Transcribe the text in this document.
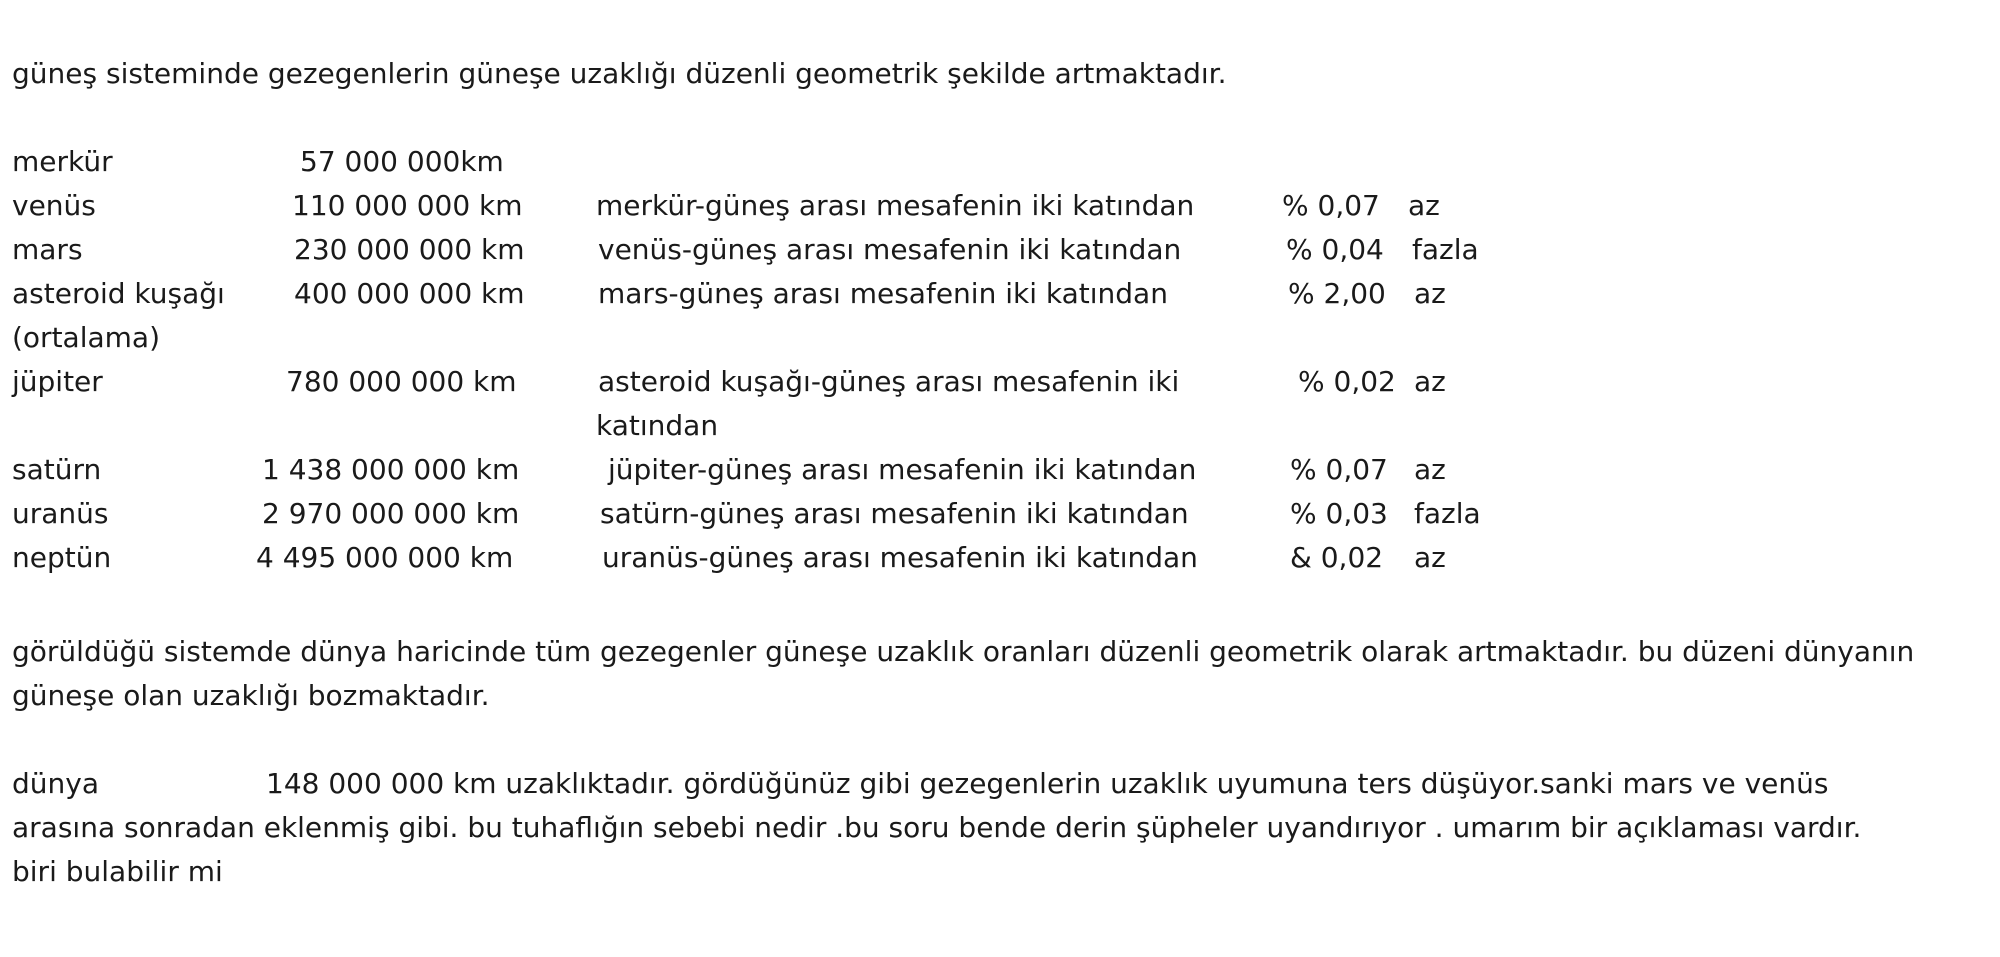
güneş sisteminde gezegenlerin güneşe uzaklığı düzenli geometrik şekilde artmaktadır.
merkür	57 000 000km
venüs	110 000 000 km	merkür-güneş arası mesafenin iki katından	% 0,07 az
mars	230 000 000 km	venüs-güneş arası mesafenin iki katından	% 0,04 fazla
asteroid kuşağı 400 000 000 km	mars-güneş arası mesafenin iki katından	% 2,00 az
(ortalama)
jüpiter	780 000 000 km	asteroid kuşağı-güneş arası mesafenin iki	% 0,02 az
katından
satürn	1 438 000 000 km	jüpiter-güneş arası mesafenin iki katından	% 0,07 az
uranüs	2 970 000 000 km	satürn-güneş arası mesafenin iki katından	% 0,03 fazla
neptün	4 495 000 000 km	uranüs-güneş arası mesafenin iki katından	& 0,02 az
görüldüğü sistemde dünya haricinde tüm gezegenler güneşe uzaklık oranları düzenli geometrik olarak artmaktadır. bu düzeni dünyanın
güneşe olan uzaklığı bozmaktadır.
dünya	148 000 000 km uzaklıktadır. gördüğünüz gibi gezegenlerin uzaklık uyumuna ters düşüyor.sanki mars ve venüs
arasına sonradan eklenmiş gibi. bu tuhaflığın sebebi nedir .bu soru bende derin şüpheler uyandırıyor . umarım bir açıklaması vardır.
biri bulabilir mi
